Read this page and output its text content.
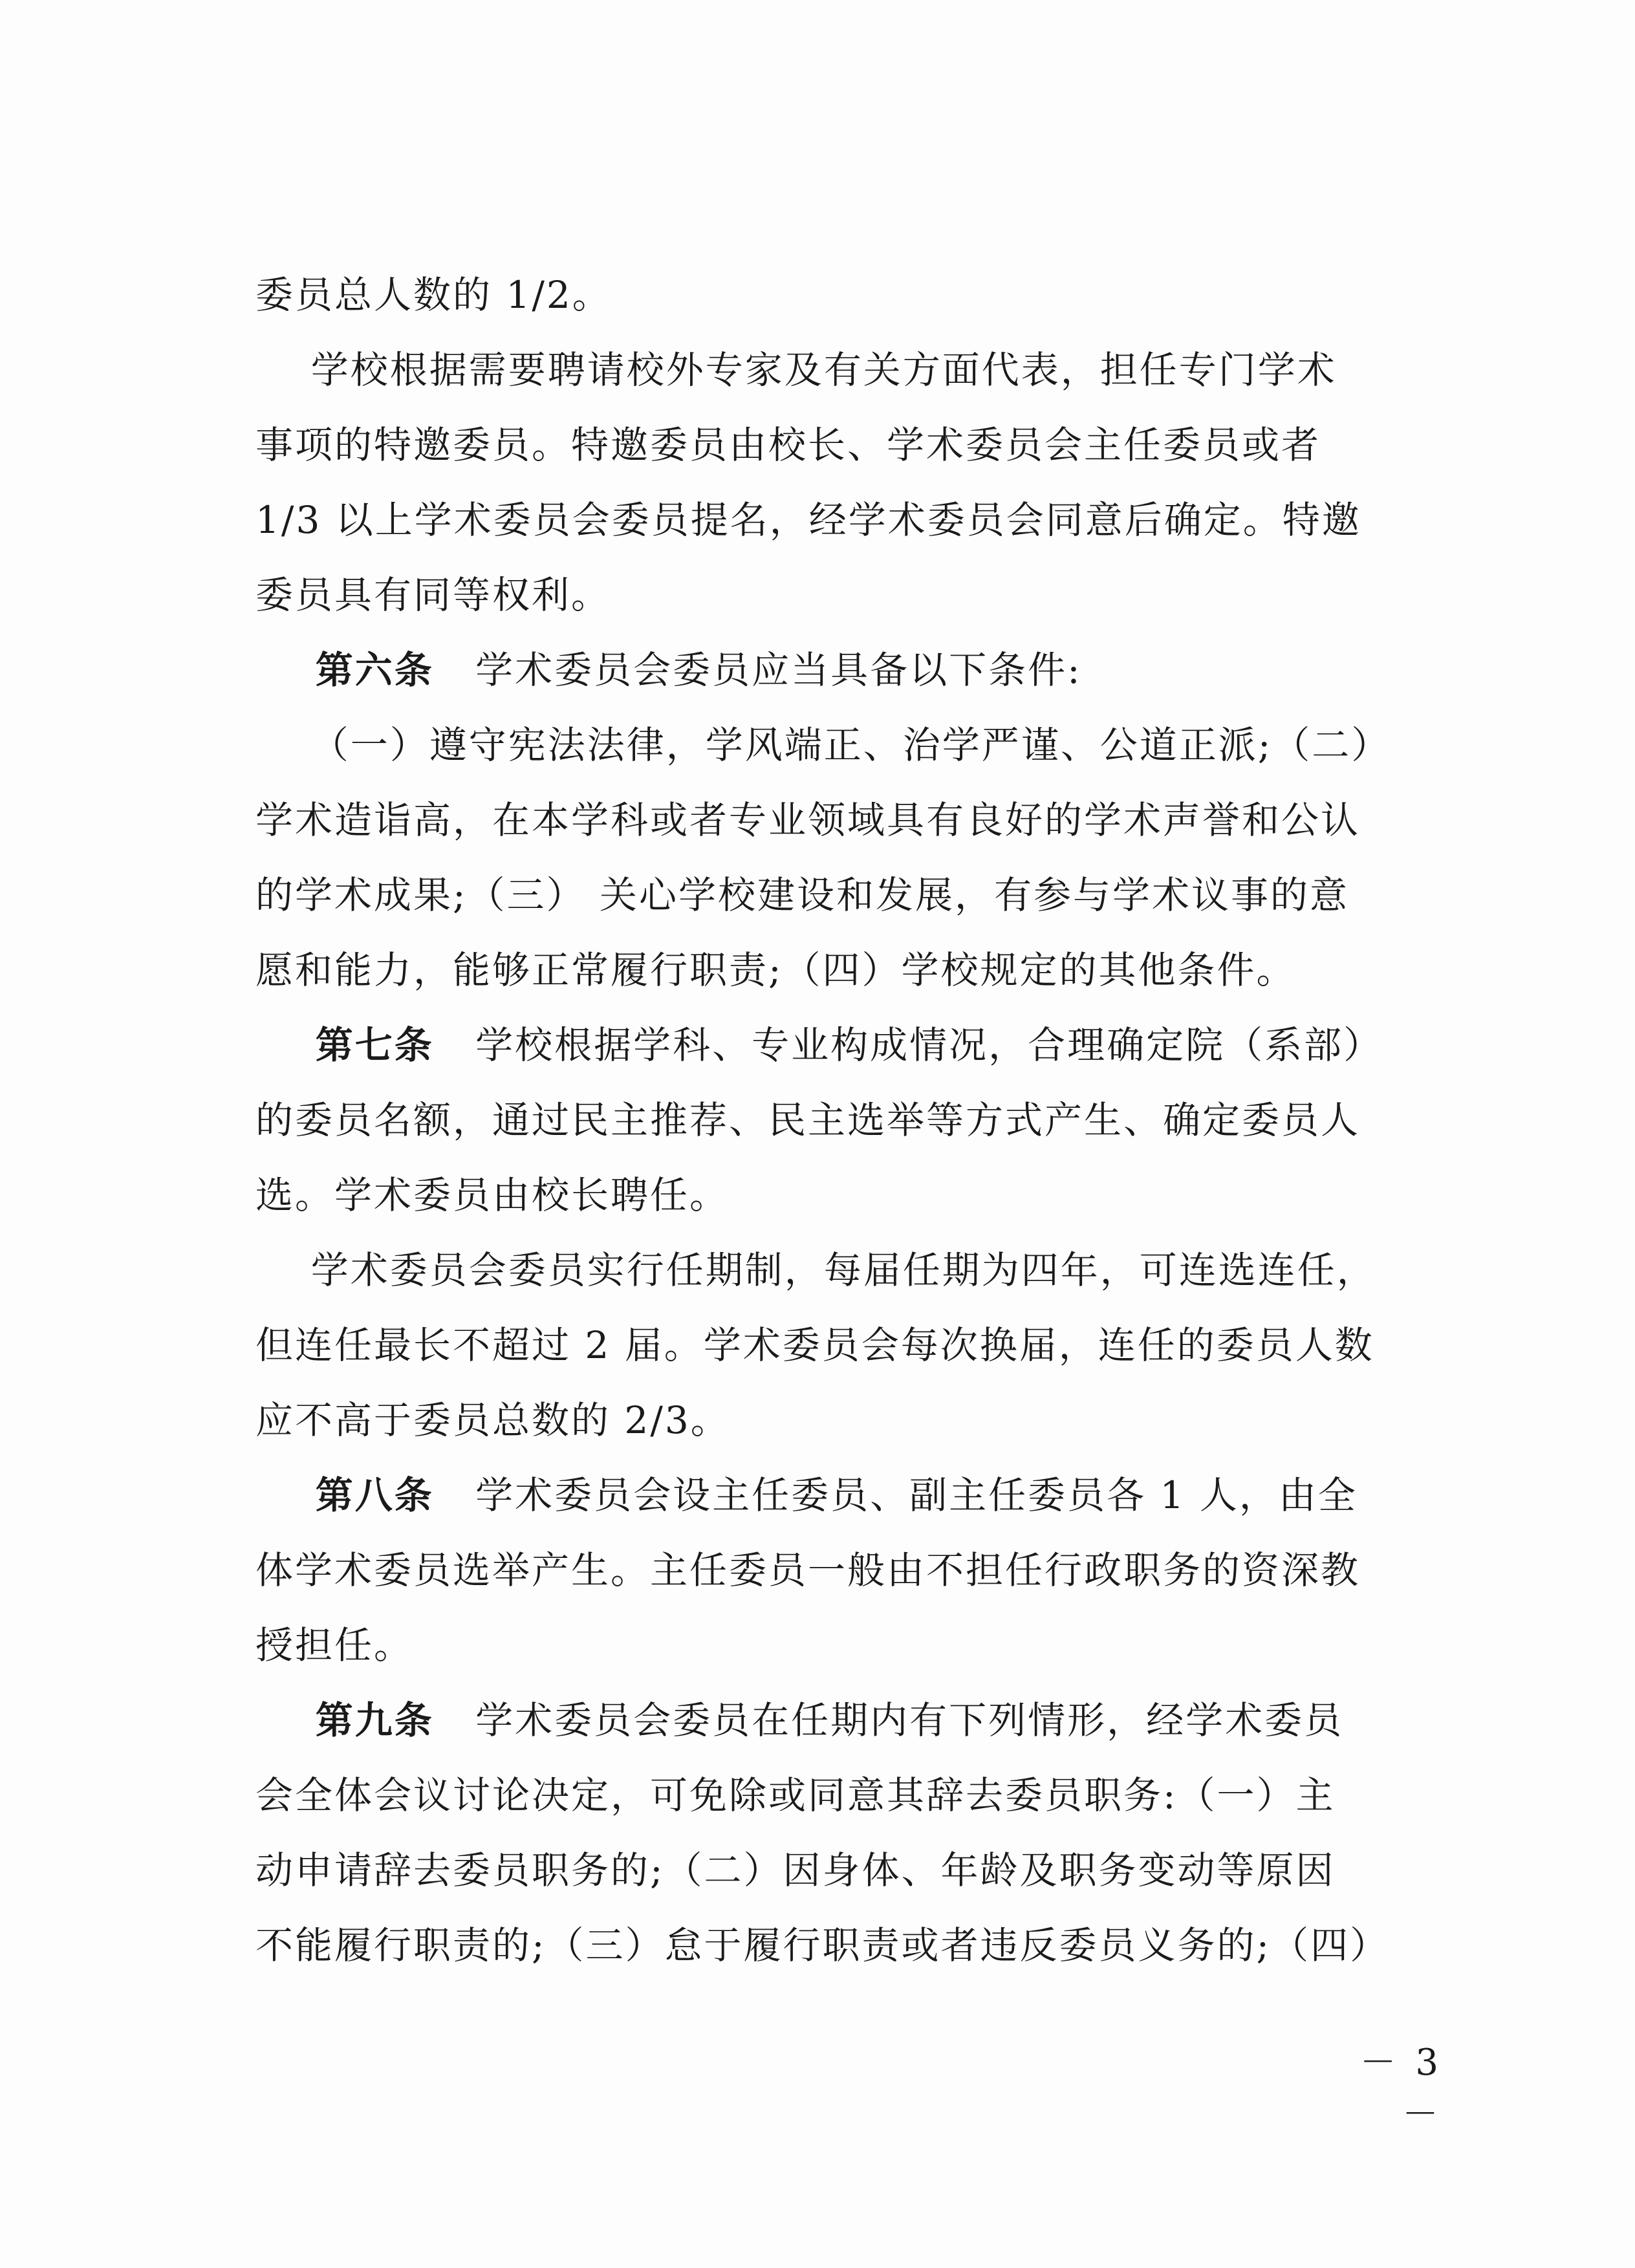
委员总人数的 1/2。
学校根据需要聘请校外专家及有关方面代表，担任专门学术
事项的特邀委员。特邀委员由校长、学术委员会主任委员或者
1/3 以上学术委员会委员提名，经学术委员会同意后确定。特邀
委员具有同等权利。
第六条   学术委员会委员应当具备以下条件:
（一）遵守宪法法律，学风端正、治学严谨、公道正派;（二）
学术造诣高，在本学科或者专业领域具有良好的学术声誉和公认
的学术成果;（三） 关心学校建设和发展，有参与学术议事的意
愿和能力，能够正常履行职责;（四）学校规定的其他条件。
第七条   学校根据学科、专业构成情况，合理确定院（系部）
的委员名额，通过民主推荐、民主选举等方式产生、确定委员人
选。学术委员由校长聘任。
学术委员会委员实行任期制，每届任期为四年，可连选连任，
但连任最长不超过 2 届。学术委员会每次换届，连任的委员人数
应不高于委员总数的 2/3。
第八条   学术委员会设主任委员、副主任委员各 1 人，由全
体学术委员选举产生。主任委员一般由不担任行政职务的资深教
授担任。
第九条   学术委员会委员在任期内有下列情形，经学术委员
会全体会议讨论决定，可免除或同意其辞去委员职务:（一）主
动申请辞去委员职务的;（二）因身体、年龄及职务变动等原因
不能履行职责的;（三）怠于履行职责或者违反委员义务的;（四）
－ 3 －
